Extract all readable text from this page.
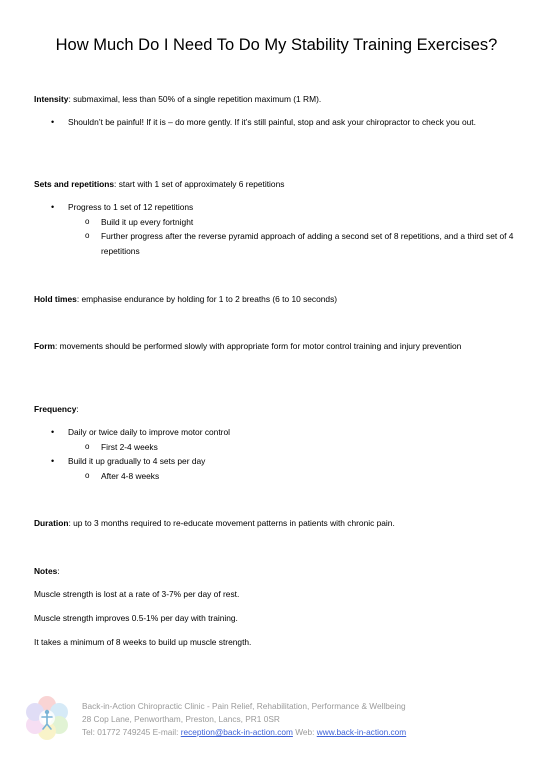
How Much Do I Need To Do My Stability Training Exercises?
Intensity: submaximal, less than 50% of a single repetition maximum (1 RM).
• Shouldn’t be painful! If it is – do more gently. If it’s still painful, stop and ask your chiropractor to check you out.
Sets and repetitions: start with 1 set of approximately 6 repetitions
• Progress to 1 set of 12 repetitions
o Build it up every fortnight
o Further progress after the reverse pyramid approach of adding a second set of 8 repetitions, and a third set of 4 repetitions
Hold times: emphasise endurance by holding for 1 to 2 breaths (6 to 10 seconds)
Form: movements should be performed slowly with appropriate form for motor control training and injury prevention
Frequency:
• Daily or twice daily to improve motor control
o First 2-4 weeks
• Build it up gradually to 4 sets per day
o After 4-8 weeks
Duration: up to 3 months required to re-educate movement patterns in patients with chronic pain.
Notes:
Muscle strength is lost at a rate of 3-7% per day of rest.
Muscle strength improves 0.5-1% per day with training.
It takes a minimum of 8 weeks to build up muscle strength.
Back-in-Action Chiropractic Clinic - Pain Relief, Rehabilitation, Performance & Wellbeing
28 Cop Lane, Penwortham, Preston, Lancs, PR1 0SR
Tel: 01772 749245 E-mail: reception@back-in-action.com Web: www.back-in-action.com
